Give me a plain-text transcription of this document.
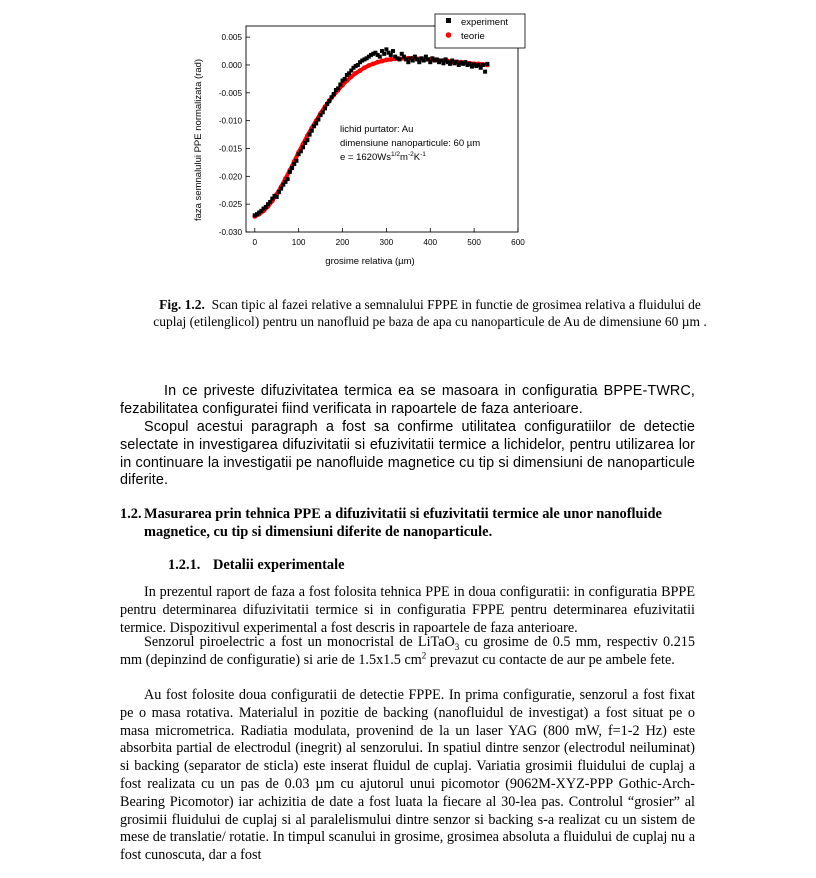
0.005
0.000
-0.005
-0.010
-0.015
-0.020
-0.025
-0.030
0	100	200	300	400	500	600
grosime relativa (µm)
faza semnalului PPE normalizata (rad)
experiment
teorie
lichid purtator: Au
dimensiune nanoparticule: 60 µm
$e = 1620Ws^{1/2}m^{-2}K^{-1}$
Fig. 1.2. Scan tipic al fazei relative a semnalului FPPE in functie de grosimea relativa a fluidului de cuplaj (etilenglicol) pentru un nanofluid pe baza de apa cu nanoparticule de Au de dimensiune 60 µm .

In ce priveste difuzivitatea termica ea se masoara in configuratia BPPE-TWRC, fezabilitatea configuratei fiind verificata in rapoartele de faza anterioare.

Scopul acestui paragraph a fost sa confirme utilitatea configuratiilor de detectie selectate in investigarea difuzivitatii si efuzivitatii termice a lichidelor, pentru utilizarea lor in continuare la investigatii pe nanofluide magnetice cu tip si dimensiuni de nanoparticule diferite.

1.2. Masurarea prin tehnica PPE a difuzivitatii si efuzivitatii termice ale unor nanofluide magnetice, cu tip si dimensiuni diferite de nanoparticule.
1.2.1. Detalii experimentale

In prezentul raport de faza a fost folosita tehnica PPE in doua configuratii: in configuratia BPPE pentru determinarea difuzivitatii termice si in configuratia FPPE pentru determinarea efuzivitatii termice. Dispozitivul experimental a fost descris in rapoartele de faza anterioare.

Senzorul piroelectric a fost un monocristal de LiTaO$_3$ cu grosime de 0.5 mm, respectiv 0.215 mm (depinzind de configuratie) si arie de 1.5x1.5 $cm^2$ prevazut cu contacte de aur pe ambele fete.

Au fost folosite doua configuratii de detectie FPPE. In prima configuratie, senzorul a fost fixat pe o masa rotativa. Materialul in pozitie de backing (nanofluidul de investigat) a fost situat pe o masa micrometrica. Radiatia modulata, provenind de la un laser YAG (800 mW, f=1-2 Hz) este absorbita partial de electrodul (inegrit) al senzorului. In spatiul dintre senzor (electrodul neiluminat) si backing (separator de sticla) este inserat fluidul de cuplaj. Variatia grosimii fluidului de cuplaj a fost realizata cu un pas de 0.03 µm cu ajutorul unui picomotor (9062M-XYZ-PPP Gothic-Arch-Bearing Picomotor) iar achizitia de date a fost luata la fiecare al 30-lea pas. Controlul “grosier” al grosimii fluidului de cuplaj si al paralelismului dintre senzor si backing s-a realizat cu un sistem de mese de translatie/ rotatie. In timpul scanului in grosime, grosimea absoluta a fluidului de cuplaj nu a fost cunoscuta, dar a fost
